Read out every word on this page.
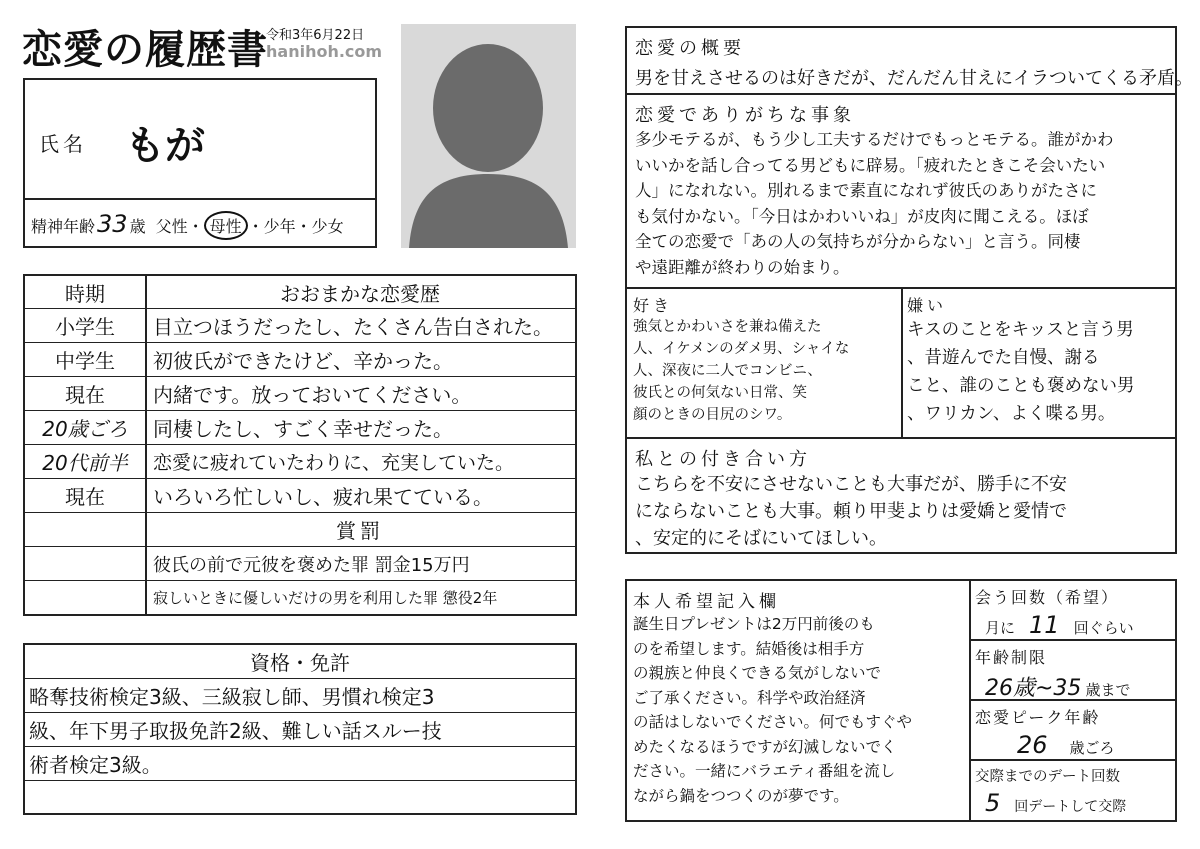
恋愛の履歴書
令和3年6月22日
hanihoh.com
氏名 もが
精神年齢 33 歳 父性 ・ 母性 ・ 少年 ・ 少女
時期	おおまかな恋愛歴
小学生	目立つほうだったし、たくさん告白された。
中学生	初彼氏ができたけど、辛かった。
現在	内緒です。放っておいてください。
20歳ごろ	同棲したし、すごく幸せだった。
20代前半	恋愛に疲れていたわりに、充実していた。
現在	いろいろ忙しいし、疲れ果てている。
賞罰
彼氏の前で元彼を褒めた罪 罰金15万円
寂しいときに優しいだけの男を利用した罪 懲役2年
資格・免許
略奪技術検定3級、三級寂し師、男慣れ検定3
級、年下男子取扱免許2級、難しい話スルー技
術者検定3級。
恋愛の概要
男を甘えさせるのは好きだが、だんだん甘えにイラついてくる矛盾。
恋愛でありがちな事象
多少モテるが、もう少し工夫するだけでもっとモテる。誰がかわ
いいかを話し合ってる男どもに辟易。「疲れたときこそ会いたい
人」になれない。別れるまで素直になれず彼氏のありがたさに
も気付かない。「今日はかわいいね」が皮肉に聞こえる。ほぼ
全ての恋愛で「あの人の気持ちが分からない」と言う。同棲
や遠距離が終わりの始まり。
好き
強気とかわいさを兼ね備えた
人、イケメンのダメ男、シャイな
人、深夜に二人でコンビニ、
彼氏との何気ない日常、笑
顔のときの目尻のシワ。
嫌い
キスのことをキッスと言う男
、昔遊んでた自慢、謝る
こと、誰のことも褒めない男
、ワリカン、よく喋る男。
私との付き合い方
こちらを不安にさせないことも大事だが、勝手に不安
にならないことも大事。頼り甲斐よりは愛嬌と愛情で
、安定的にそばにいてほしい。
本人希望記入欄
誕生日プレゼントは2万円前後のも
のを希望します。結婚後は相手方
の親族と仲良くできる気がしないで
ご了承ください。科学や政治経済
の話はしないでください。何でもすぐや
めたくなるほうですが幻滅しないでく
ださい。一緒にバラエティ番組を流し
ながら鍋をつつくのが夢です。
会う回数（希望）
月に 11 回ぐらい
年齢制限
26歳~35 歳まで
恋愛ピーク年齢
26 歳ごろ
交際までのデート回数
5 回デートして交際
